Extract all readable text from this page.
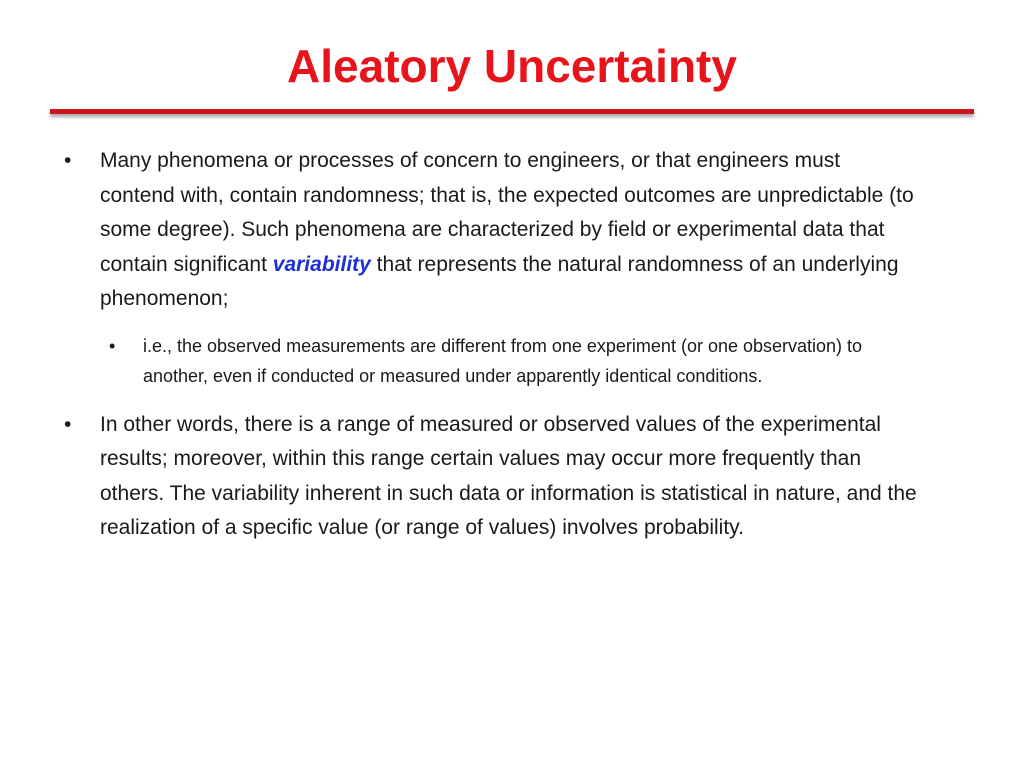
Aleatory Uncertainty
• Many phenomena or processes of concern to engineers, or that engineers must contend with, contain randomness; that is, the expected outcomes are unpredictable (to some degree). Such phenomena are characterized by field or experimental data that contain significant variability that represents the natural randomness of an underlying phenomenon;
• i.e., the observed measurements are different from one experiment (or one observation) to another, even if conducted or measured under apparently identical conditions.
• In other words, there is a range of measured or observed values of the experimental results; moreover, within this range certain values may occur more frequently than others. The variability inherent in such data or information is statistical in nature, and the realization of a specific value (or range of values) involves probability.
